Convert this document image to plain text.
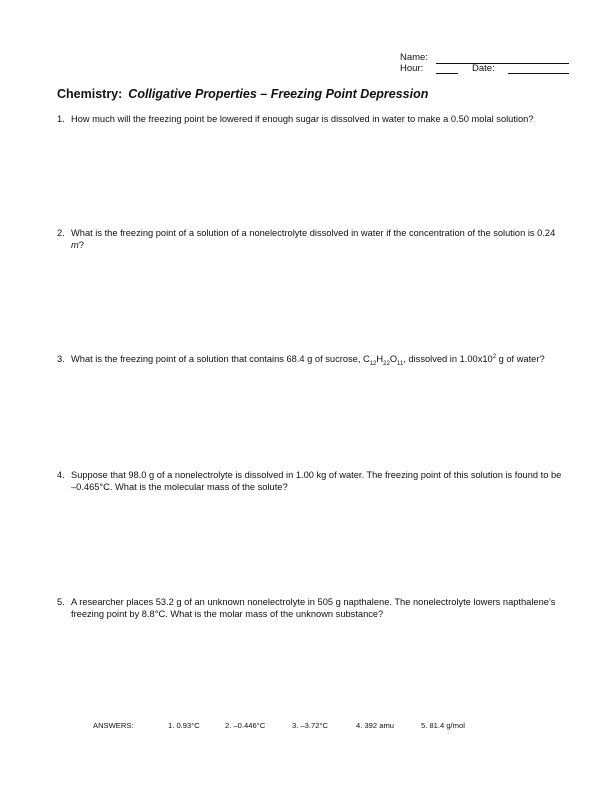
Name:
Hour:	Date:
Chemistry: Colligative Properties – Freezing Point Depression
1. How much will the freezing point be lowered if enough sugar is dissolved in water to make a 0.50 molal solution?
2. What is the freezing point of a solution of a nonelectrolyte dissolved in water if the concentration of the solution is 0.24 m?
3. What is the freezing point of a solution that contains 68.4 g of sucrose, $C_{12}H_{22}O_{11}$, dissolved in $1.00x10^2$ g of water?
4. Suppose that 98.0 g of a nonelectrolyte is dissolved in 1.00 kg of water. The freezing point of this solution is found to be –0.465°C. What is the molecular mass of the solute?
5. A researcher places 53.2 g of an unknown nonelectrolyte in 505 g napthalene. The nonelectrolyte lowers napthalene’s freezing point by 8.8°C. What is the molar mass of the unknown substance?
ANSWERS:	1. 0.93°C	2. –0.446°C	3. –3.72°C	4. 392 amu	5. 81.4 g/mol
